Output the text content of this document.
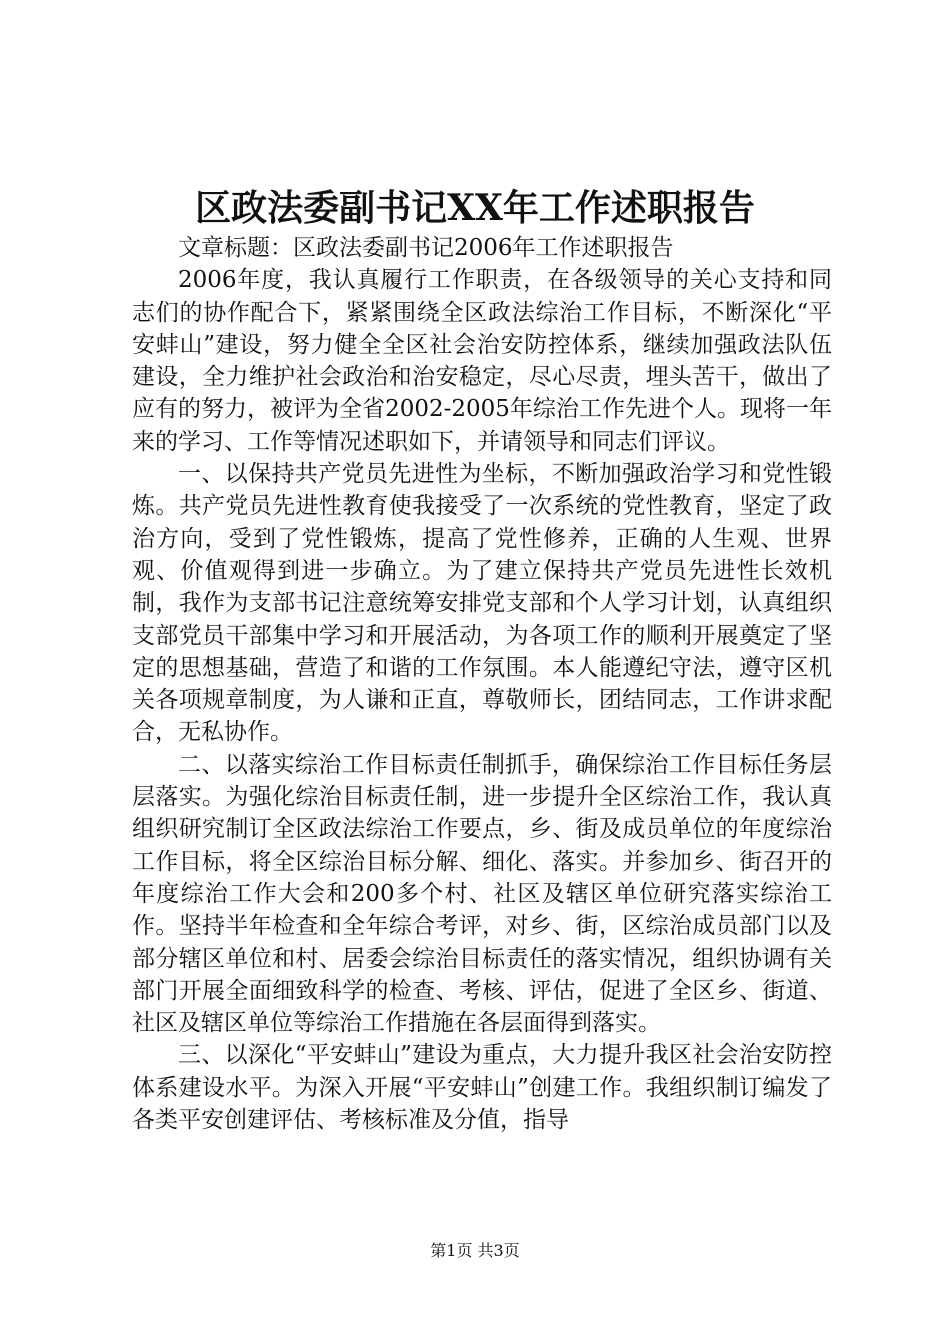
区政法委副书记XX年工作述职报告

文章标题：区政法委副书记2006年工作述职报告

2006年度，我认真履行工作职责，在各级领导的关心支持和同志们的协作配合下，紧紧围绕全区政法综治工作目标，不断深化“平安蚌山”建设，努力健全全区社会治安防控体系，继续加强政法队伍建设，全力维护社会政治和治安稳定，尽心尽责，埋头苦干，做出了应有的努力，被评为全省2002-2005年综治工作先进个人。现将一年来的学习、工作等情况述职如下，并请领导和同志们评议。

一、以保持共产党员先进性为坐标，不断加强政治学习和党性锻炼。共产党员先进性教育使我接受了一次系统的党性教育，坚定了政治方向，受到了党性锻炼，提高了党性修养，正确的人生观、世界观、价值观得到进一步确立。为了建立保持共产党员先进性长效机制，我作为支部书记注意统筹安排党支部和个人学习计划，认真组织支部党员干部集中学习和开展活动，为各项工作的顺利开展奠定了坚定的思想基础，营造了和谐的工作氛围。本人能遵纪守法，遵守区机关各项规章制度，为人谦和正直，尊敬师长，团结同志，工作讲求配合，无私协作。

二、以落实综治工作目标责任制抓手，确保综治工作目标任务层层落实。为强化综治目标责任制，进一步提升全区综治工作，我认真组织研究制订全区政法综治工作要点，乡、街及成员单位的年度综治工作目标，将全区综治目标分解、细化、落实。并参加乡、街召开的年度综治工作大会和200多个村、社区及辖区单位研究落实综治工作。坚持半年检查和全年综合考评，对乡、街，区综治成员部门以及部分辖区单位和村、居委会综治目标责任的落实情况，组织协调有关部门开展全面细致科学的检查、考核、评估，促进了全区乡、街道、社区及辖区单位等综治工作措施在各层面得到落实。

三、以深化“平安蚌山”建设为重点，大力提升我区社会治安防控体系建设水平。为深入开展“平安蚌山”创建工作。我组织制订编发了各类平安创建评估、考核标准及分值，指导

第1页 共3页
